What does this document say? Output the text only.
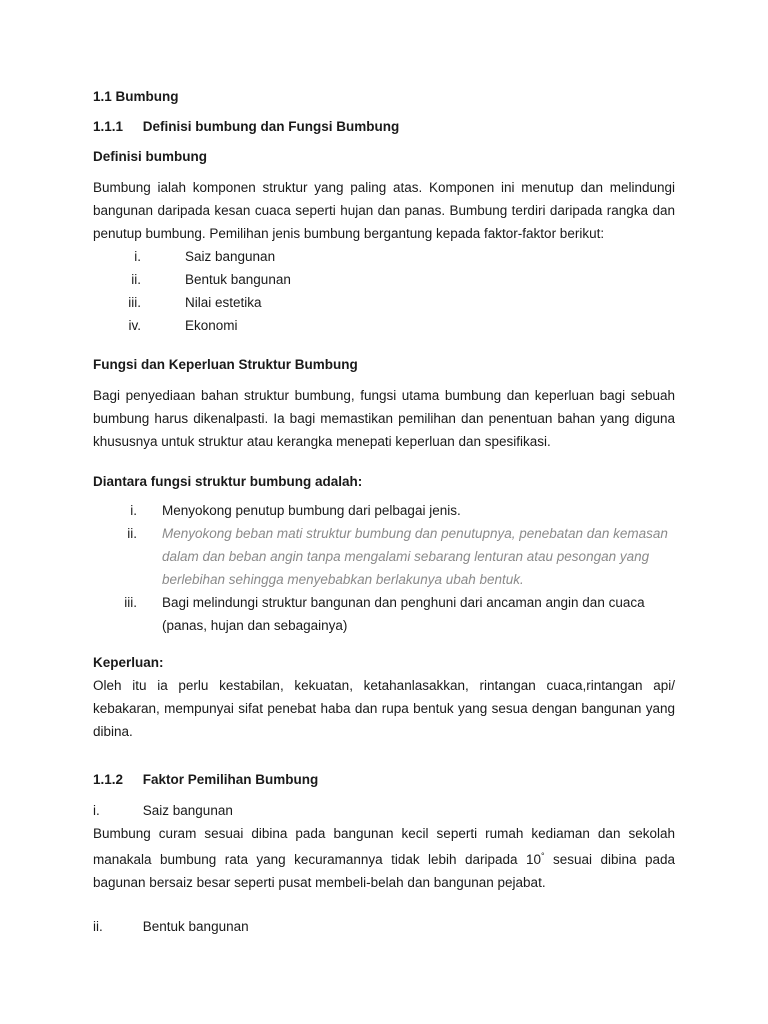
1.1 Bumbung
1.1.1 Definisi bumbung dan Fungsi Bumbung
Definisi bumbung

Bumbung ialah komponen struktur yang paling atas. Komponen ini menutup dan melindungi bangunan daripada kesan cuaca seperti hujan dan panas. Bumbung terdiri daripada rangka dan penutup bumbung. Pemilihan jenis bumbung bergantung kepada faktor-faktor berikut:

i.	Saiz bangunan
ii.	Bentuk bangunan
iii.	Nilai estetika
iv.	Ekonomi
Fungsi dan Keperluan Struktur Bumbung

Bagi penyediaan bahan struktur bumbung, fungsi utama bumbung dan keperluan bagi sebuah bumbung harus dikenalpasti. Ia bagi memastikan pemilihan dan penentuan bahan yang diguna khususnya untuk struktur atau kerangka menepati keperluan dan spesifikasi.

Diantara fungsi struktur bumbung adalah:
i. Menyokong penutup bumbung dari pelbagai jenis.
ii. Menyokong beban mati struktur bumbung dan penutupnya, penebatan dan kemasan dalam dan beban angin tanpa mengalami sebarang lenturan atau pesongan yang berlebihan sehingga menyebabkan berlakunya ubah bentuk.
iii. Bagi melindungi struktur bangunan dan penghuni dari ancaman angin dan cuaca (panas, hujan dan sebagainya)
Keperluan:

Oleh itu ia perlu kestabilan, kekuatan, ketahanlasakkan, rintangan cuaca,rintangan api/ kebakaran, mempunyai sifat penebat haba dan rupa bentuk yang sesua dengan bangunan yang dibina.

1.1.2 Faktor Pemilihan Bumbung
i.	Saiz bangunan

Bumbung curam sesuai dibina pada bangunan kecil seperti rumah kediaman dan sekolah manakala bumbung rata yang kecuramannya tidak lebih daripada 10° sesuai dibina pada bagunan bersaiz besar seperti pusat membeli-belah dan bangunan pejabat.

ii.	Bentuk bangunan
